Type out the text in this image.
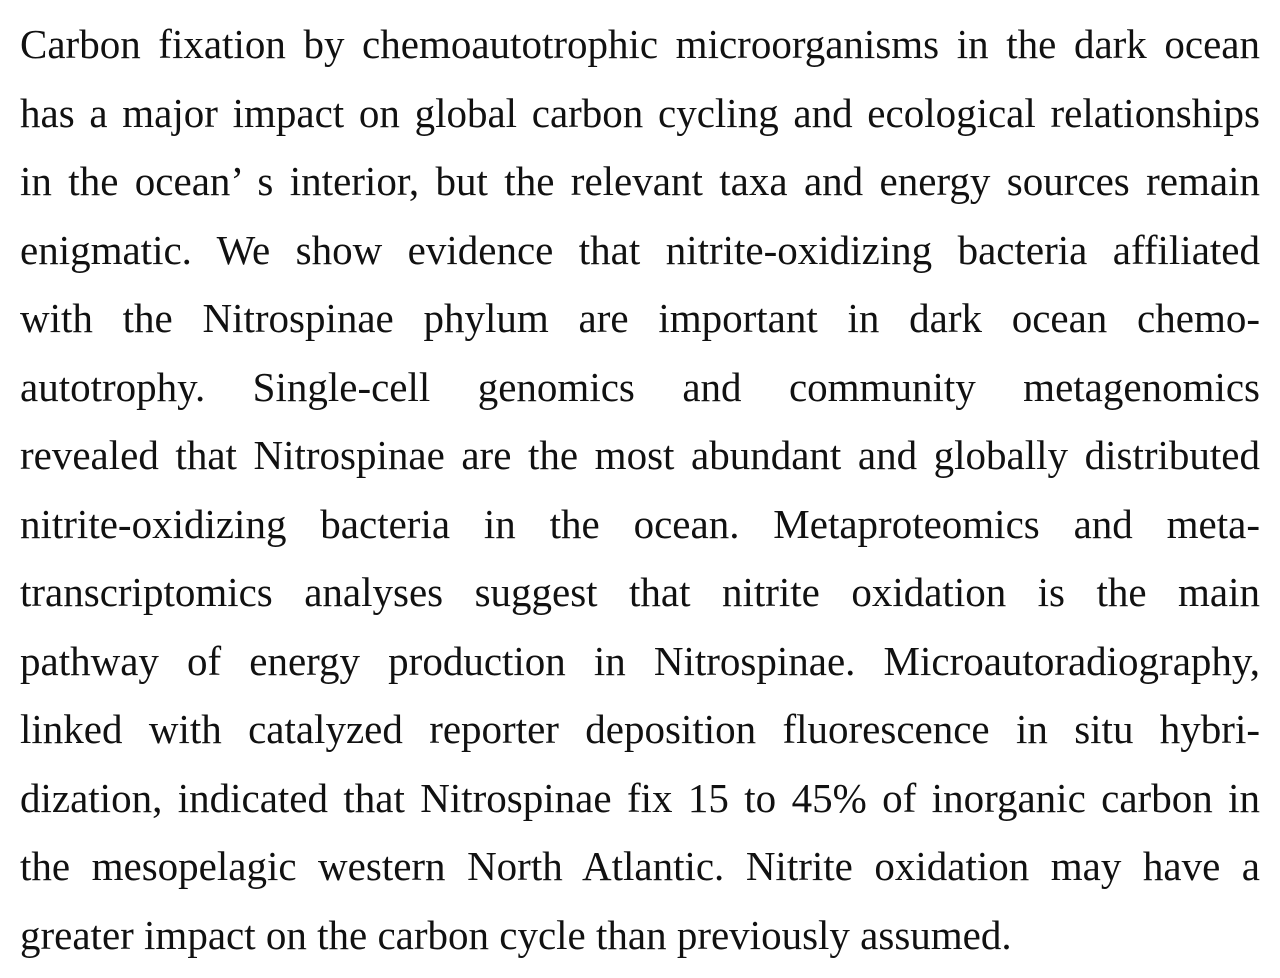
Carbon fixation by chemoautotrophic microorganisms in the dark ocean
has a major impact on global carbon cycling and ecological relationships
in the ocean’ s interior, but the relevant taxa and energy sources remain
enigmatic. We show evidence that nitrite-oxidizing bacteria affiliated
with the Nitrospinae phylum are important in dark ocean chemo-
autotrophy. Single-cell genomics and community metagenomics
revealed that Nitrospinae are the most abundant and globally distributed
nitrite-oxidizing bacteria in the ocean. Metaproteomics and meta-
transcriptomics analyses suggest that nitrite oxidation is the main
pathway of energy production in Nitrospinae. Microautoradiography,
linked with catalyzed reporter deposition fluorescence in situ hybri-
dization, indicated that Nitrospinae fix 15 to 45% of inorganic carbon in
the mesopelagic western North Atlantic. Nitrite oxidation may have a
greater impact on the carbon cycle than previously assumed.
